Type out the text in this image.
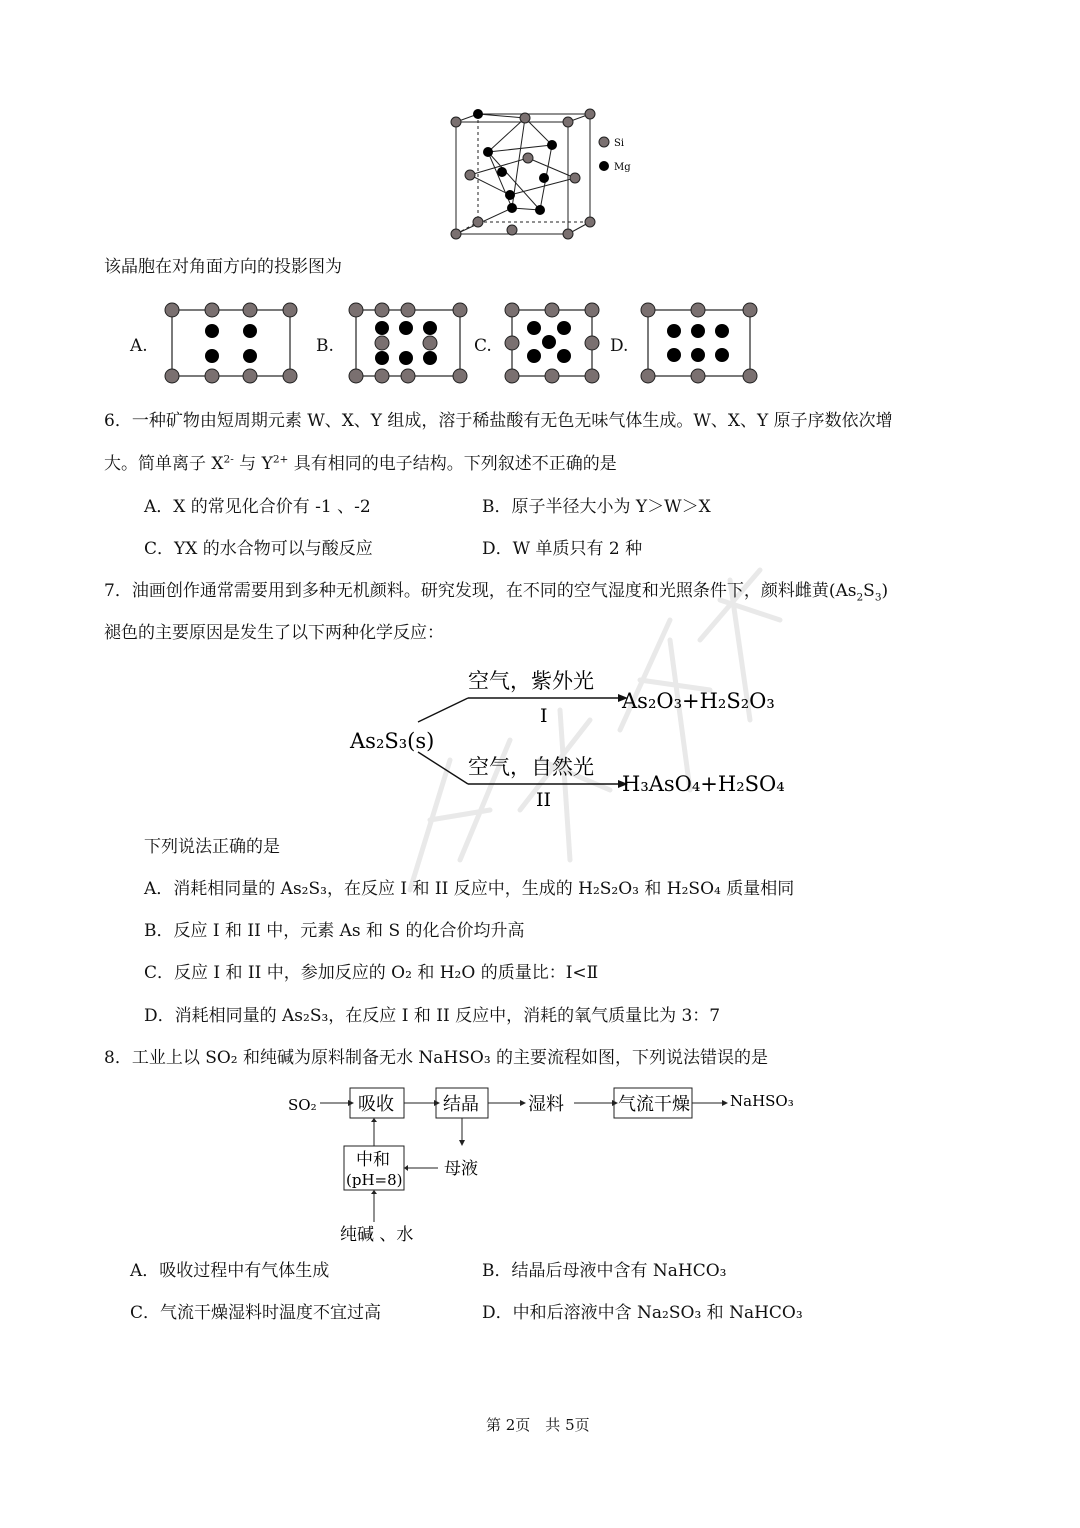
Si
Mg
该晶胞在对角面方向的投影图为
A.	B.	C.	D.
6．一种矿物由短周期元素 W、X、Y 组成，溶于稀盐酸有无色无味气体生成。W、X、Y 原子序数依次增
大。简单离子 $X^{2-}$ 与 $Y^{2+}$ 具有相同的电子结构。下列叙述不正确的是
A．X 的常见化合价有 -1 、-2	B．原子半径大小为 Y＞W＞X
C．YX 的水合物可以与酸反应	D．W 单质只有 2 种
7．油画创作通常需要用到多种无机颜料。研究发现，在不同的空气湿度和光照条件下，颜料雌黄$(As_2S_3)$
褪色的主要原因是发生了以下两种化学反应：
As₂S₃(s)
空气，紫外光
I
As₂O₃+H₂S₂O₃
空气，自然光
II
H₃AsO₄+H₂SO₄
下列说法正确的是
A．消耗相同量的 As₂S₃，在反应 I 和 II 反应中，生成的 H₂S₂O₃ 和 H₂SO₄ 质量相同
B．反应 I 和 II 中，元素 As 和 S 的化合价均升高
C．反应 I 和 II 中，参加反应的 O₂ 和 H₂O 的质量比：Ⅰ<Ⅱ
D．消耗相同量的 As₂S₃，在反应 I 和 II 反应中，消耗的氧气质量比为 3：7
8．工业上以 SO₂ 和纯碱为原料制备无水 NaHSO₃ 的主要流程如图，下列说法错误的是
SO₂ 吸收	结晶	湿料	气流干燥	NaHSO₃
中和
(pH=8)
母液
纯碱 、水
A．吸收过程中有气体生成	B．结晶后母液中含有 NaHCO₃
C．气流干燥湿料时温度不宜过高	D．中和后溶液中含 Na₂SO₃ 和 NaHCO₃
第 2页　共 5页
